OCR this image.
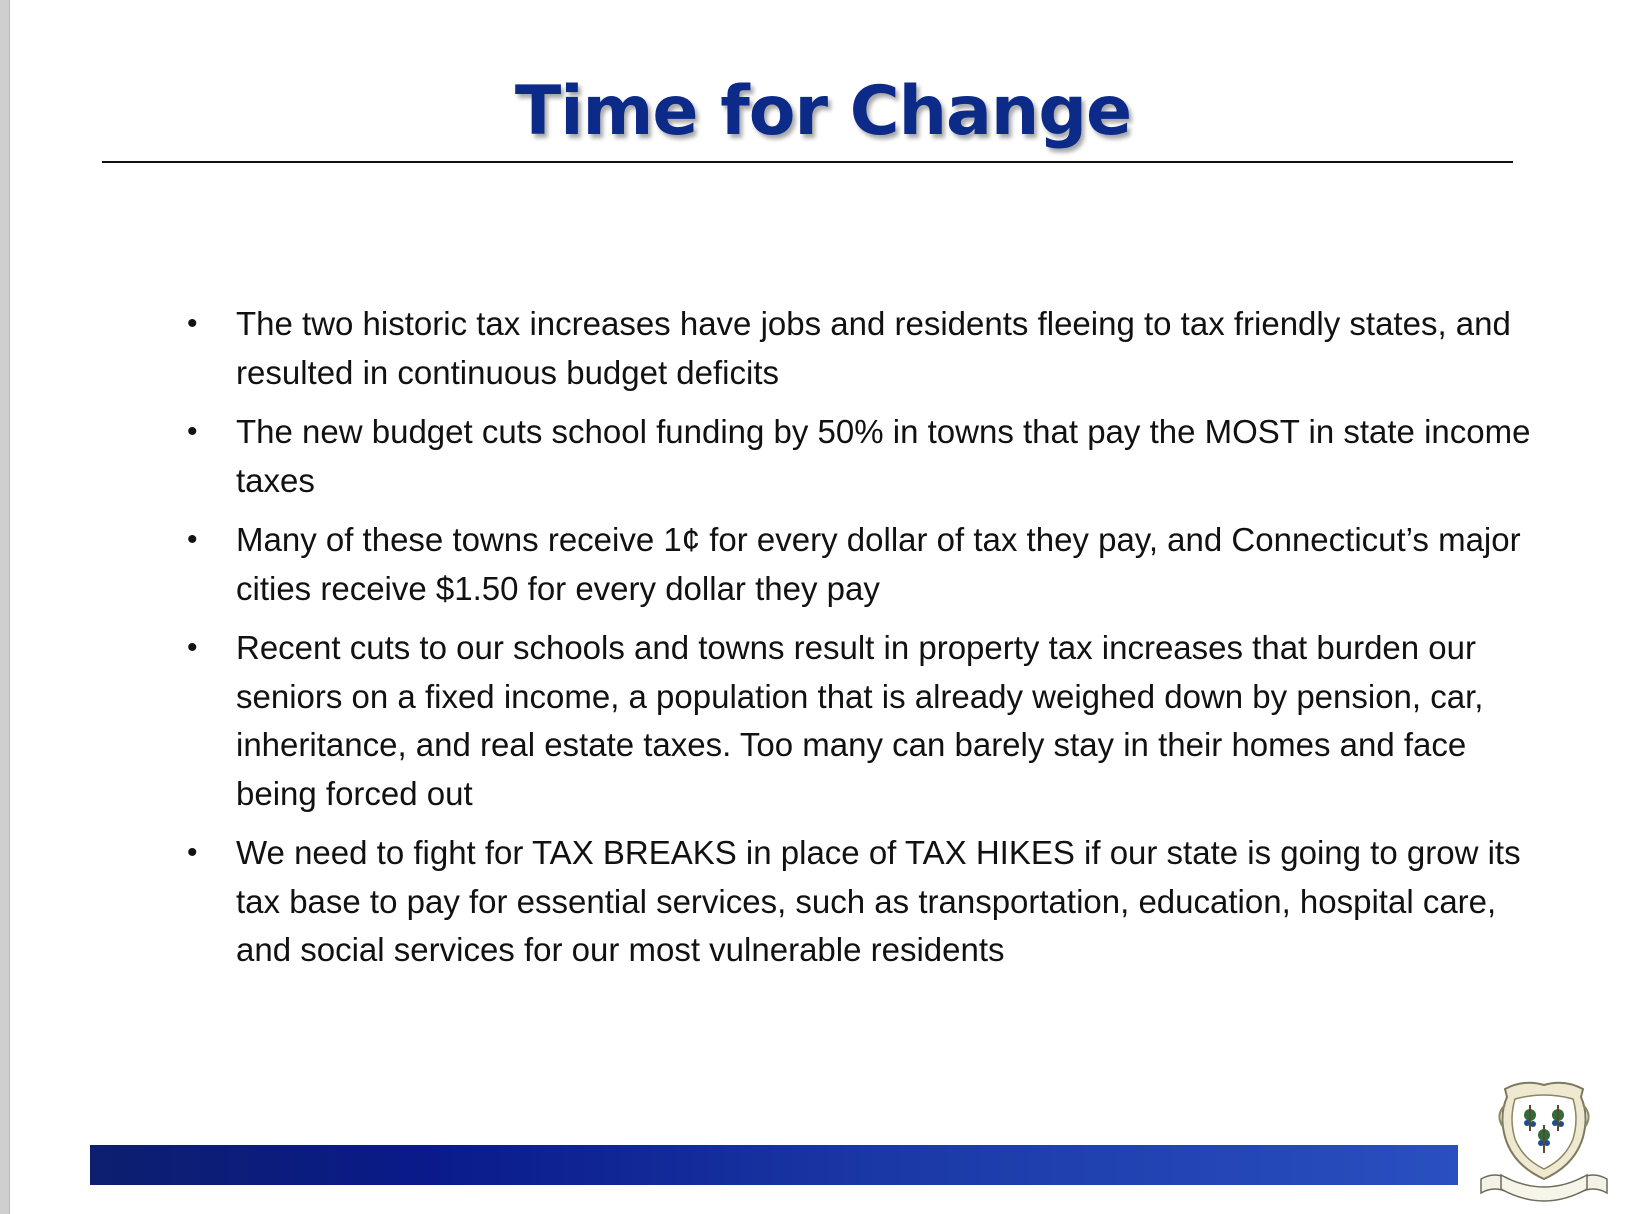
Time for Change
• The two historic tax increases have jobs and residents fleeing to tax friendly states, and resulted in continuous budget deficits
• The new budget cuts school funding by 50% in towns that pay the MOST in state income taxes
• Many of these towns receive 1¢ for every dollar of tax they pay, and Connecticut’s major cities receive $1.50 for every dollar they pay
• Recent cuts to our schools and towns result in property tax increases that burden our seniors on a fixed income, a population that is already weighed down by pension, car, inheritance, and real estate taxes. Too many can barely stay in their homes and face being forced out
• We need to fight for TAX BREAKS in place of TAX HIKES if our state is going to grow its tax base to pay for essential services, such as transportation, education, hospital care, and social services for our most vulnerable residents
